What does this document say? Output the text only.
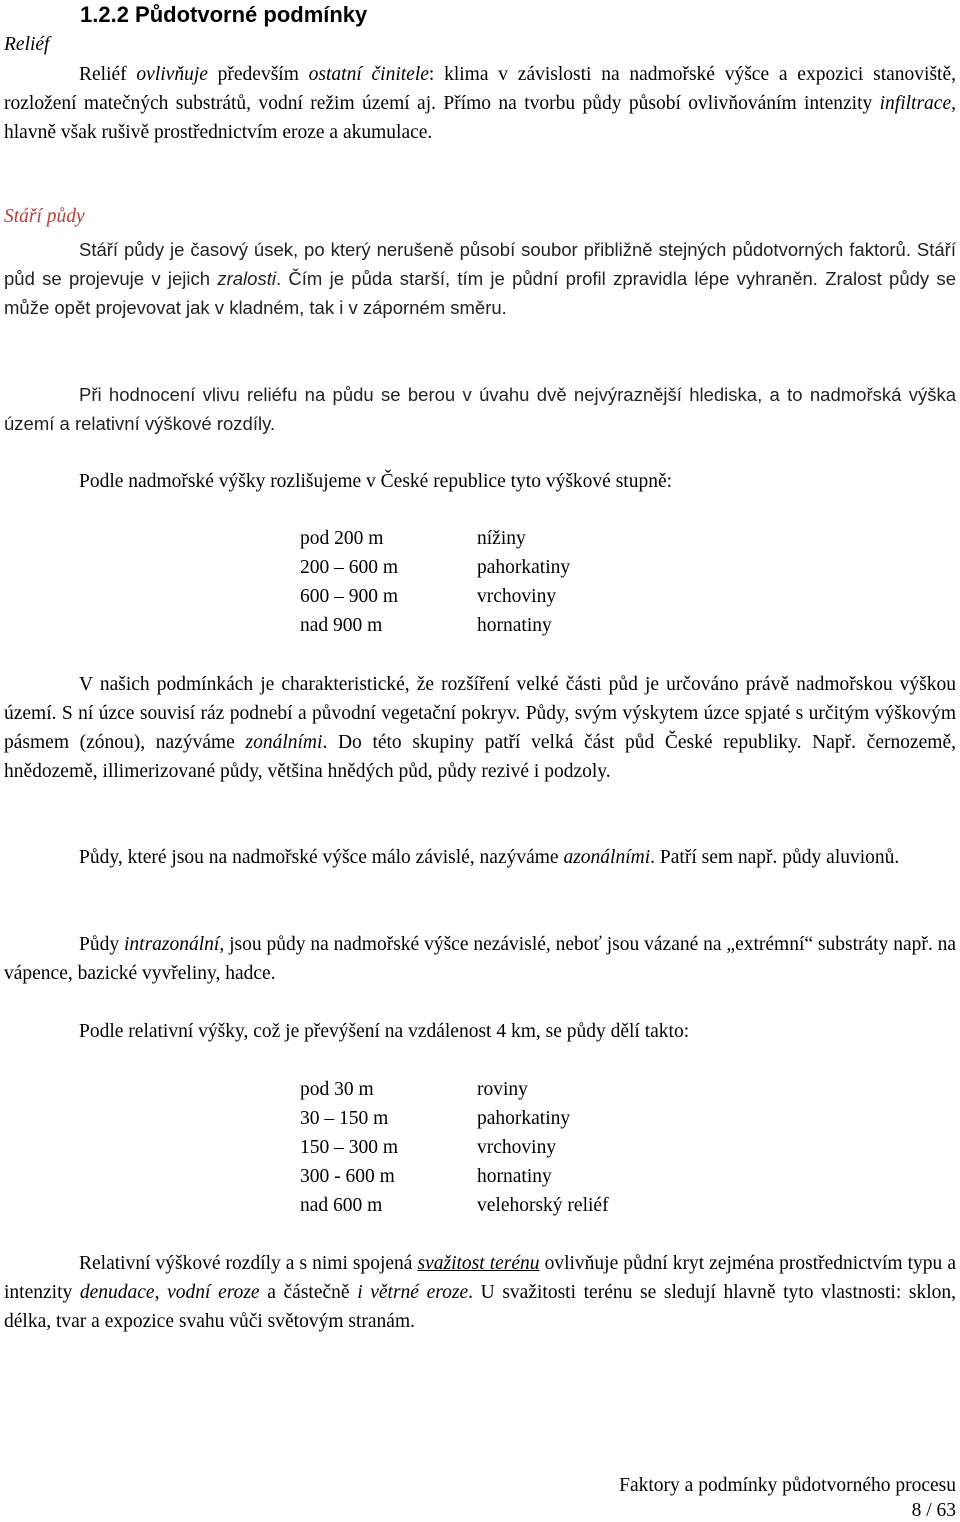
1.2.2 Půdotvorné podmínky

Reliéf

Reliéf ovlivňuje především ostatní činitele: klima v závislosti na nadmořské výšce a expozici stanoviště, rozložení matečných substrátů, vodní režim území aj. Přímo na tvorbu půdy působí ovlivňováním intenzity infiltrace, hlavně však rušivě prostřednictvím eroze a akumulace.

Stáří půdy

Stáří půdy je časový úsek, po který nerušeně působí soubor přibližně stejných půdotvorných faktorů. Stáří půd se projevuje v jejich zralosti. Čím je půda starší, tím je půdní profil zpravidla lépe vyhraněn. Zralost půdy se může opět projevovat jak v kladném, tak i v záporném směru.

Při hodnocení vlivu reliéfu na půdu se berou v úvahu dvě nejvýraznější hlediska, a to nadmořská výška území a relativní výškové rozdíly.

Podle nadmořské výšky rozlišujeme v České republice tyto výškové stupně:

pod 200 m	nížiny
200 – 600 m	pahorkatiny
600 – 900 m	vrchoviny
nad 900 m	hornatiny

V našich podmínkách je charakteristické, že rozšíření velké části půd je určováno právě nadmořskou výškou území. S ní úzce souvisí ráz podnebí a původní vegetační pokryv. Půdy, svým výskytem úzce spjaté s určitým výškovým pásmem (zónou), nazýváme zonálními. Do této skupiny patří velká část půd České republiky. Např. černozemě, hnědozemě, illimerizované půdy, většina hnědých půd, půdy rezivé i podzoly.

Půdy, které jsou na nadmořské výšce málo závislé, nazýváme azonálními. Patří sem např. půdy aluvionů.

Půdy intrazonální, jsou půdy na nadmořské výšce nezávislé, neboť jsou vázané na „extrémní“ substráty např. na vápence, bazické vyvřeliny, hadce.

Podle relativní výšky, což je převýšení na vzdálenost 4 km, se půdy dělí takto:

pod 30 m	roviny
30 – 150 m	pahorkatiny
150 – 300 m	vrchoviny
300 - 600 m	hornatiny
nad 600 m	velehorský reliéf

Relativní výškové rozdíly a s nimi spojená svažitost terénu ovlivňuje půdní kryt zejména prostřednictvím typu a intenzity denudace, vodní eroze a částečně i větrné eroze. U svažitosti terénu se sledují hlavně tyto vlastnosti: sklon, délka, tvar a expozice svahu vůči světovým stranám.

Faktory a podmínky půdotvorného procesu

8 / 63
